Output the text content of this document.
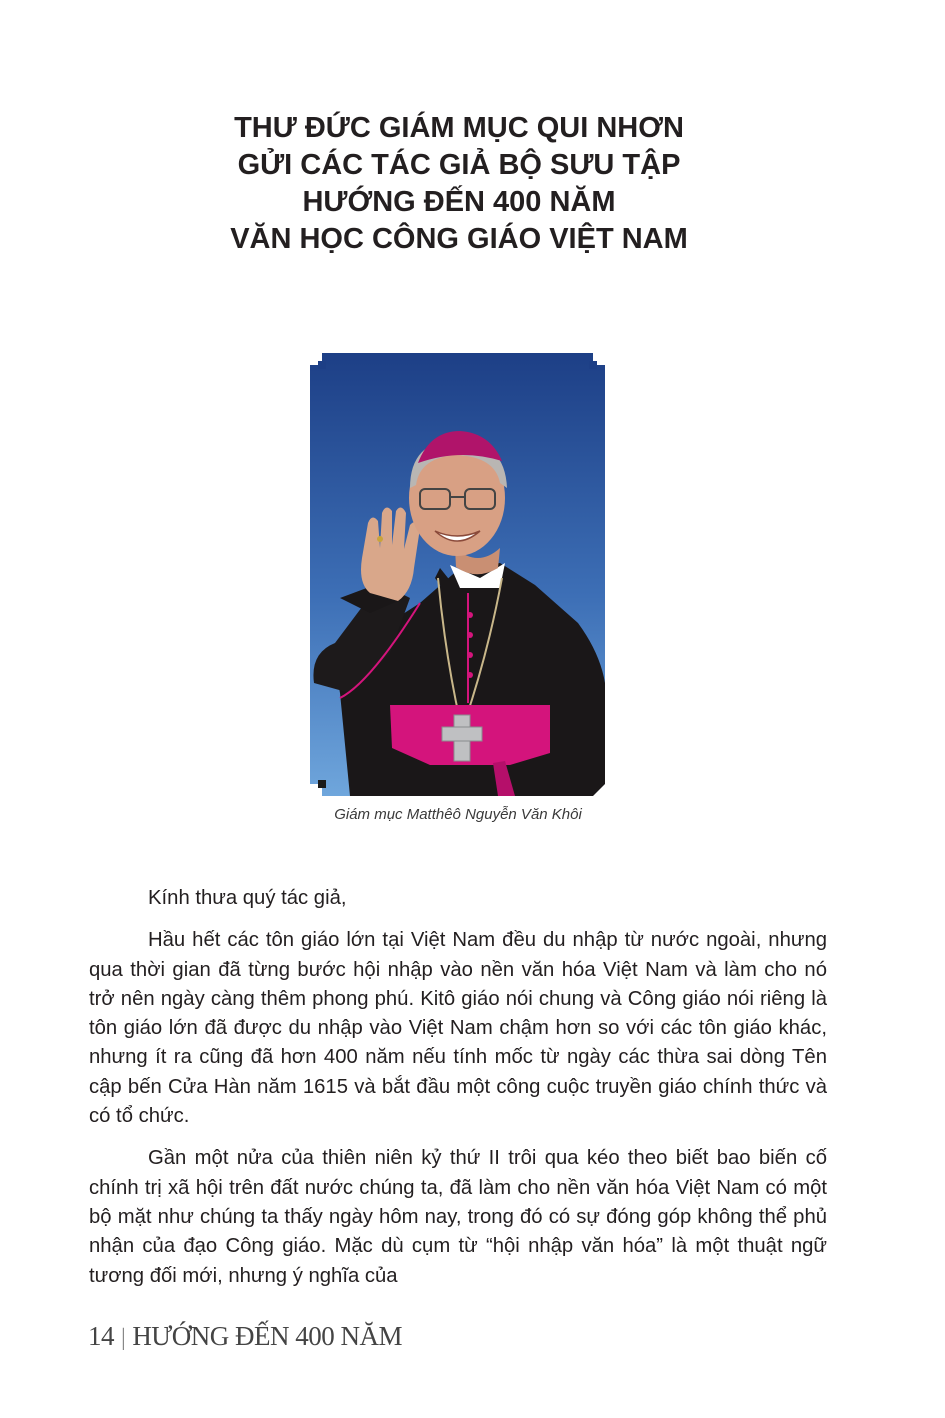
THƯ ĐỨC GIÁM MỤC QUI NHƠN
GỬI CÁC TÁC GIẢ BỘ SƯU TẬP
HƯỚNG ĐẾN 400 NĂM
VĂN HỌC CÔNG GIÁO VIỆT NAM

Giám mục Matthêô Nguyễn Văn Khôi

Kính thưa quý tác giả,

Hầu hết các tôn giáo lớn tại Việt Nam đều du nhập từ nước ngoài, nhưng qua thời gian đã từng bước hội nhập vào nền văn hóa Việt Nam và làm cho nó trở nên ngày càng thêm phong phú. Kitô giáo nói chung và Công giáo nói riêng là tôn giáo lớn đã được du nhập vào Việt Nam chậm hơn so với các tôn giáo khác, nhưng ít ra cũng đã hơn 400 năm nếu tính mốc từ ngày các thừa sai dòng Tên cập bến Cửa Hàn năm 1615 và bắt đầu một công cuộc truyền giáo chính thức và có tổ chức.

Gần một nửa của thiên niên kỷ thứ II trôi qua kéo theo biết bao biến cố chính trị xã hội trên đất nước chúng ta, đã làm cho nền văn hóa Việt Nam có một bộ mặt như chúng ta thấy ngày hôm nay, trong đó có sự đóng góp không thể phủ nhận của đạo Công giáo. Mặc dù cụm từ “hội nhập văn hóa” là một thuật ngữ tương đối mới, nhưng ý nghĩa của

14 | HƯỚNG ĐẾN 400 NĂM
